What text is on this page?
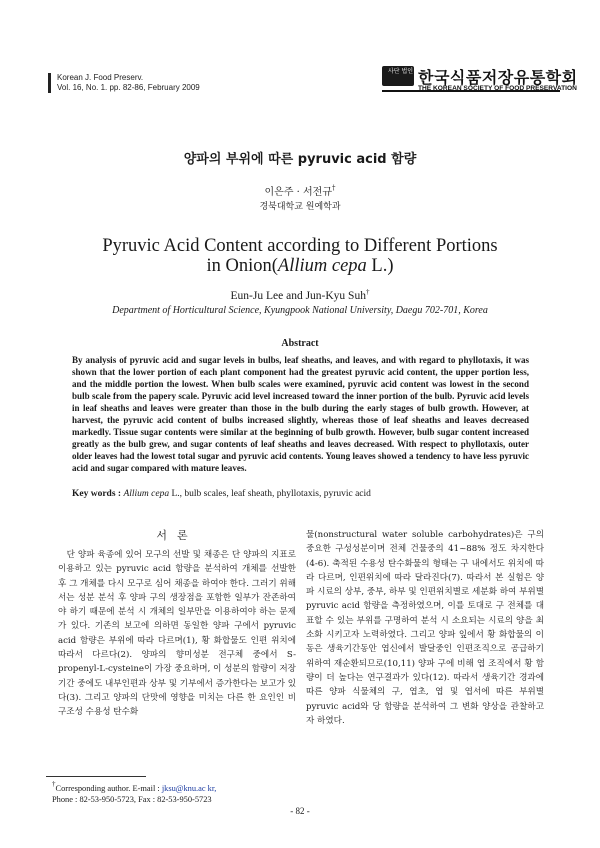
Korean J. Food Preserv.
Vol. 16, No. 1. pp. 82-86, February 2009
사단 법인 한국식품저장유통학회
THE KOREAN SOCIETY OF FOOD PRESERVATION
양파의 부위에 따른 pyruvic acid 함량
이은주 · 서전규†
경북대학교 원예학과
Pyruvic Acid Content according to Different Portions
in Onion(Allium cepa L.)
Eun-Ju Lee and Jun-Kyu Suh†
Department of Horticultural Science, Kyungpook National University, Daegu 702-701, Korea
Abstract
By analysis of pyruvic acid and sugar levels in bulbs, leaf sheaths, and leaves, and with regard to phyllotaxis, it was shown that the lower portion of each plant component had the greatest pyruvic acid content, the upper portion less, and the middle portion the lowest. When bulb scales were examined, pyruvic acid content was lowest in the second bulb scale from the papery scale. Pyruvic acid level increased toward the inner portion of the bulb. Pyruvic acid levels in leaf sheaths and leaves were greater than those in the bulb during the early stages of bulb growth. However, at harvest, the pyruvic acid content of bulbs increased slightly, whereas those of leaf sheaths and leaves decreased markedly. Tissue sugar contents were similar at the beginning of bulb growth. However, bulb sugar content increased greatly as the bulb grew, and sugar contents of leaf sheaths and leaves decreased. With respect to phyllotaxis, outer older leaves had the lowest total sugar and pyruvic acid contents. Young leaves showed a tendency to have less pyruvic acid and sugar compared with mature leaves.
Key words : Allium cepa L., bulb scales, leaf sheath, phyllotaxis, pyruvic acid
서론
단 양파 육종에 있어 모구의 선발 및 채종은 단 양파의 지표로 이용하고 있는 pyruvic acid 함량을 분석하여 개체를 선발한 후 그 개체를 다시 모구로 심어 채종을 하여야 한다. 그러기 위해서는 성분 분석 후 양파 구의 생장점을 포함한 일부가 잔존하여야 하기 때문에 분석 시 개체의 일부만을 이용하여야 하는 문제가 있다. 기존의 보고에 의하면 동일한 양파 구에서 pyruvic acid 함량은 부위에 따라 다르며(1), 황 화합물도 인편 위치에 따라서 다르다(2). 양파의 향미성분 전구체 중에서 S-propenyl-L-cysteine이 가장 중요하며, 이 성분의 함량이 저장기간 중에도 내부인편과 상부 및 기부에서 증가한다는 보고가 있다(3). 그리고 양파의 단맛에 영향을 미치는 다른 한 요인인 비구조성 수용성 탄수화
물(nonstructural water soluble carbohydrates)은 구의 중요한 구성성분이며 전체 건물중의 41~88% 정도 차지한다(4-6). 축적된 수용성 탄수화물의 형태는 구 내에서도 위치에 따라 다르며, 인편위치에 따라 달라진다(7). 따라서 본 실험은 양파 시료의 상부, 중부, 하부 및 인편위치별로 세분화 하여 부위별 pyruvic acid 함량을 측정하였으며, 이를 토대로 구 전체를 대표할 수 있는 부위를 구명하여 분석 시 소요되는 시료의 양을 최소화 시키고자 노력하였다. 그리고 양파 잎에서 황 화합물의 이동은 생육기간동안 엽신에서 발달중인 인편조직으로 공급하기 위하여 재순환되므로(10,11) 양파 구에 비해 엽 조직에서 황 함량이 더 높다는 연구결과가 있다(12). 따라서 생육기간 경과에 따른 양파 식물체의 구, 엽초, 엽 및 엽서에 따른 부위별 pyruvic acid와 당 함량을 분석하여 그 변화 양상을 관찰하고자 하였다.
†Corresponding author. E-mail : jksu@knu.ac kr,
Phone : 82-53-950-5723, Fax : 82-53-950-5723
- 82 -
